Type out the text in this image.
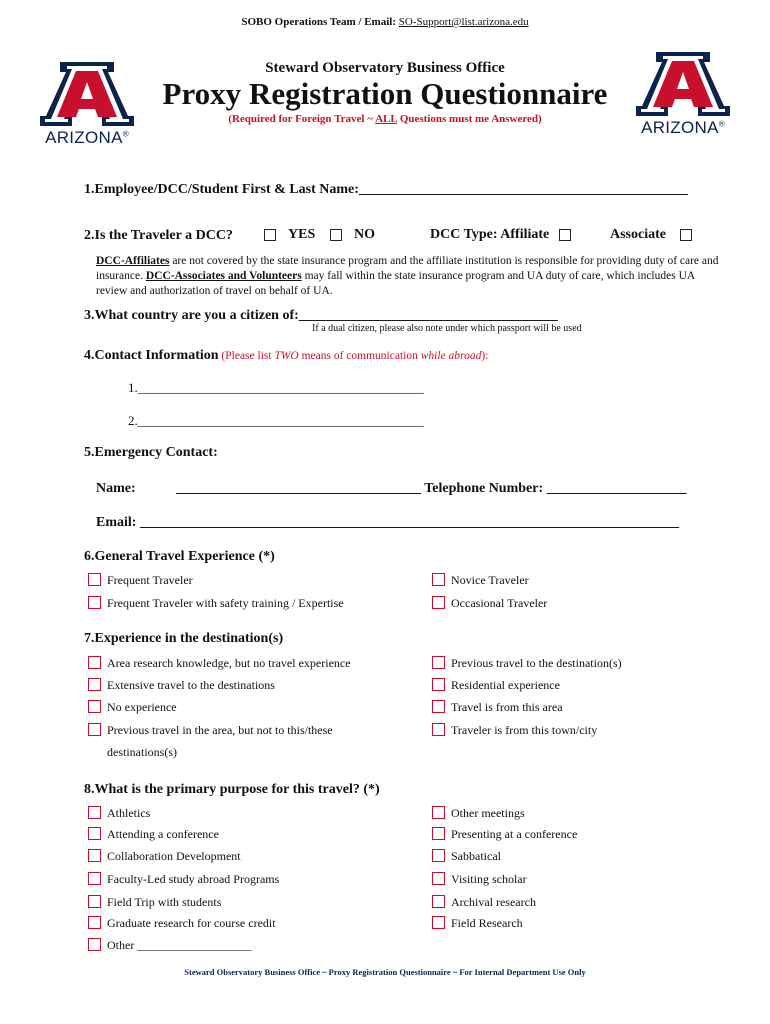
SOBO Operations Team / Email: SO-Support@list.arizona.edu
Steward Observatory Business Office
Proxy Registration Questionnaire
(Required for Foreign Travel ~ ALL Questions must me Answered)
ARIZONA®	ARIZONA®
1.Employee/DCC/Student First & Last Name:_______________________________________________
2.Is the Traveler a DCC?	YES	NO	DCC Type: Affiliate	Associate
DCC-Affiliates are not covered by the state insurance program and the affiliate institution is responsible for providing duty of care and insurance. DCC-Associates and Volunteers may fall within the state insurance program and UA duty of care, which includes UA review and authorization of travel on behalf of UA.
3.What country are you a citizen of:_____________________________________
If a dual citizen, please also note under which passport will be used
4.Contact Information (Please list TWO means of communication while abroad):
1.____________________________________________
2.____________________________________________
5.Emergency Contact:
Name:	___________________________________ Telephone Number: ____________________
Email: _____________________________________________________________________________
6.General Travel Experience (*)
Frequent Traveler
Frequent Traveler with safety training / Expertise
Novice Traveler
Occasional Traveler
7.Experience in the destination(s)
Area research knowledge, but no travel experience
Extensive travel to the destinations
No experience
Previous travel in the area, but not to this/these
destinations(s)
Previous travel to the destination(s)
Residential experience
Travel is from this area
Traveler is from this town/city
8.What is the primary purpose for this travel? (*)
Athletics
Attending a conference
Collaboration Development
Faculty-Led study abroad Programs
Field Trip with students
Graduate research for course credit
Other ___________________
Other meetings
Presenting at a conference
Sabbatical
Visiting scholar
Archival research
Field Research
Steward Observatory Business Office ~ Proxy Registration Questionnaire ~ For Internal Department Use Only
